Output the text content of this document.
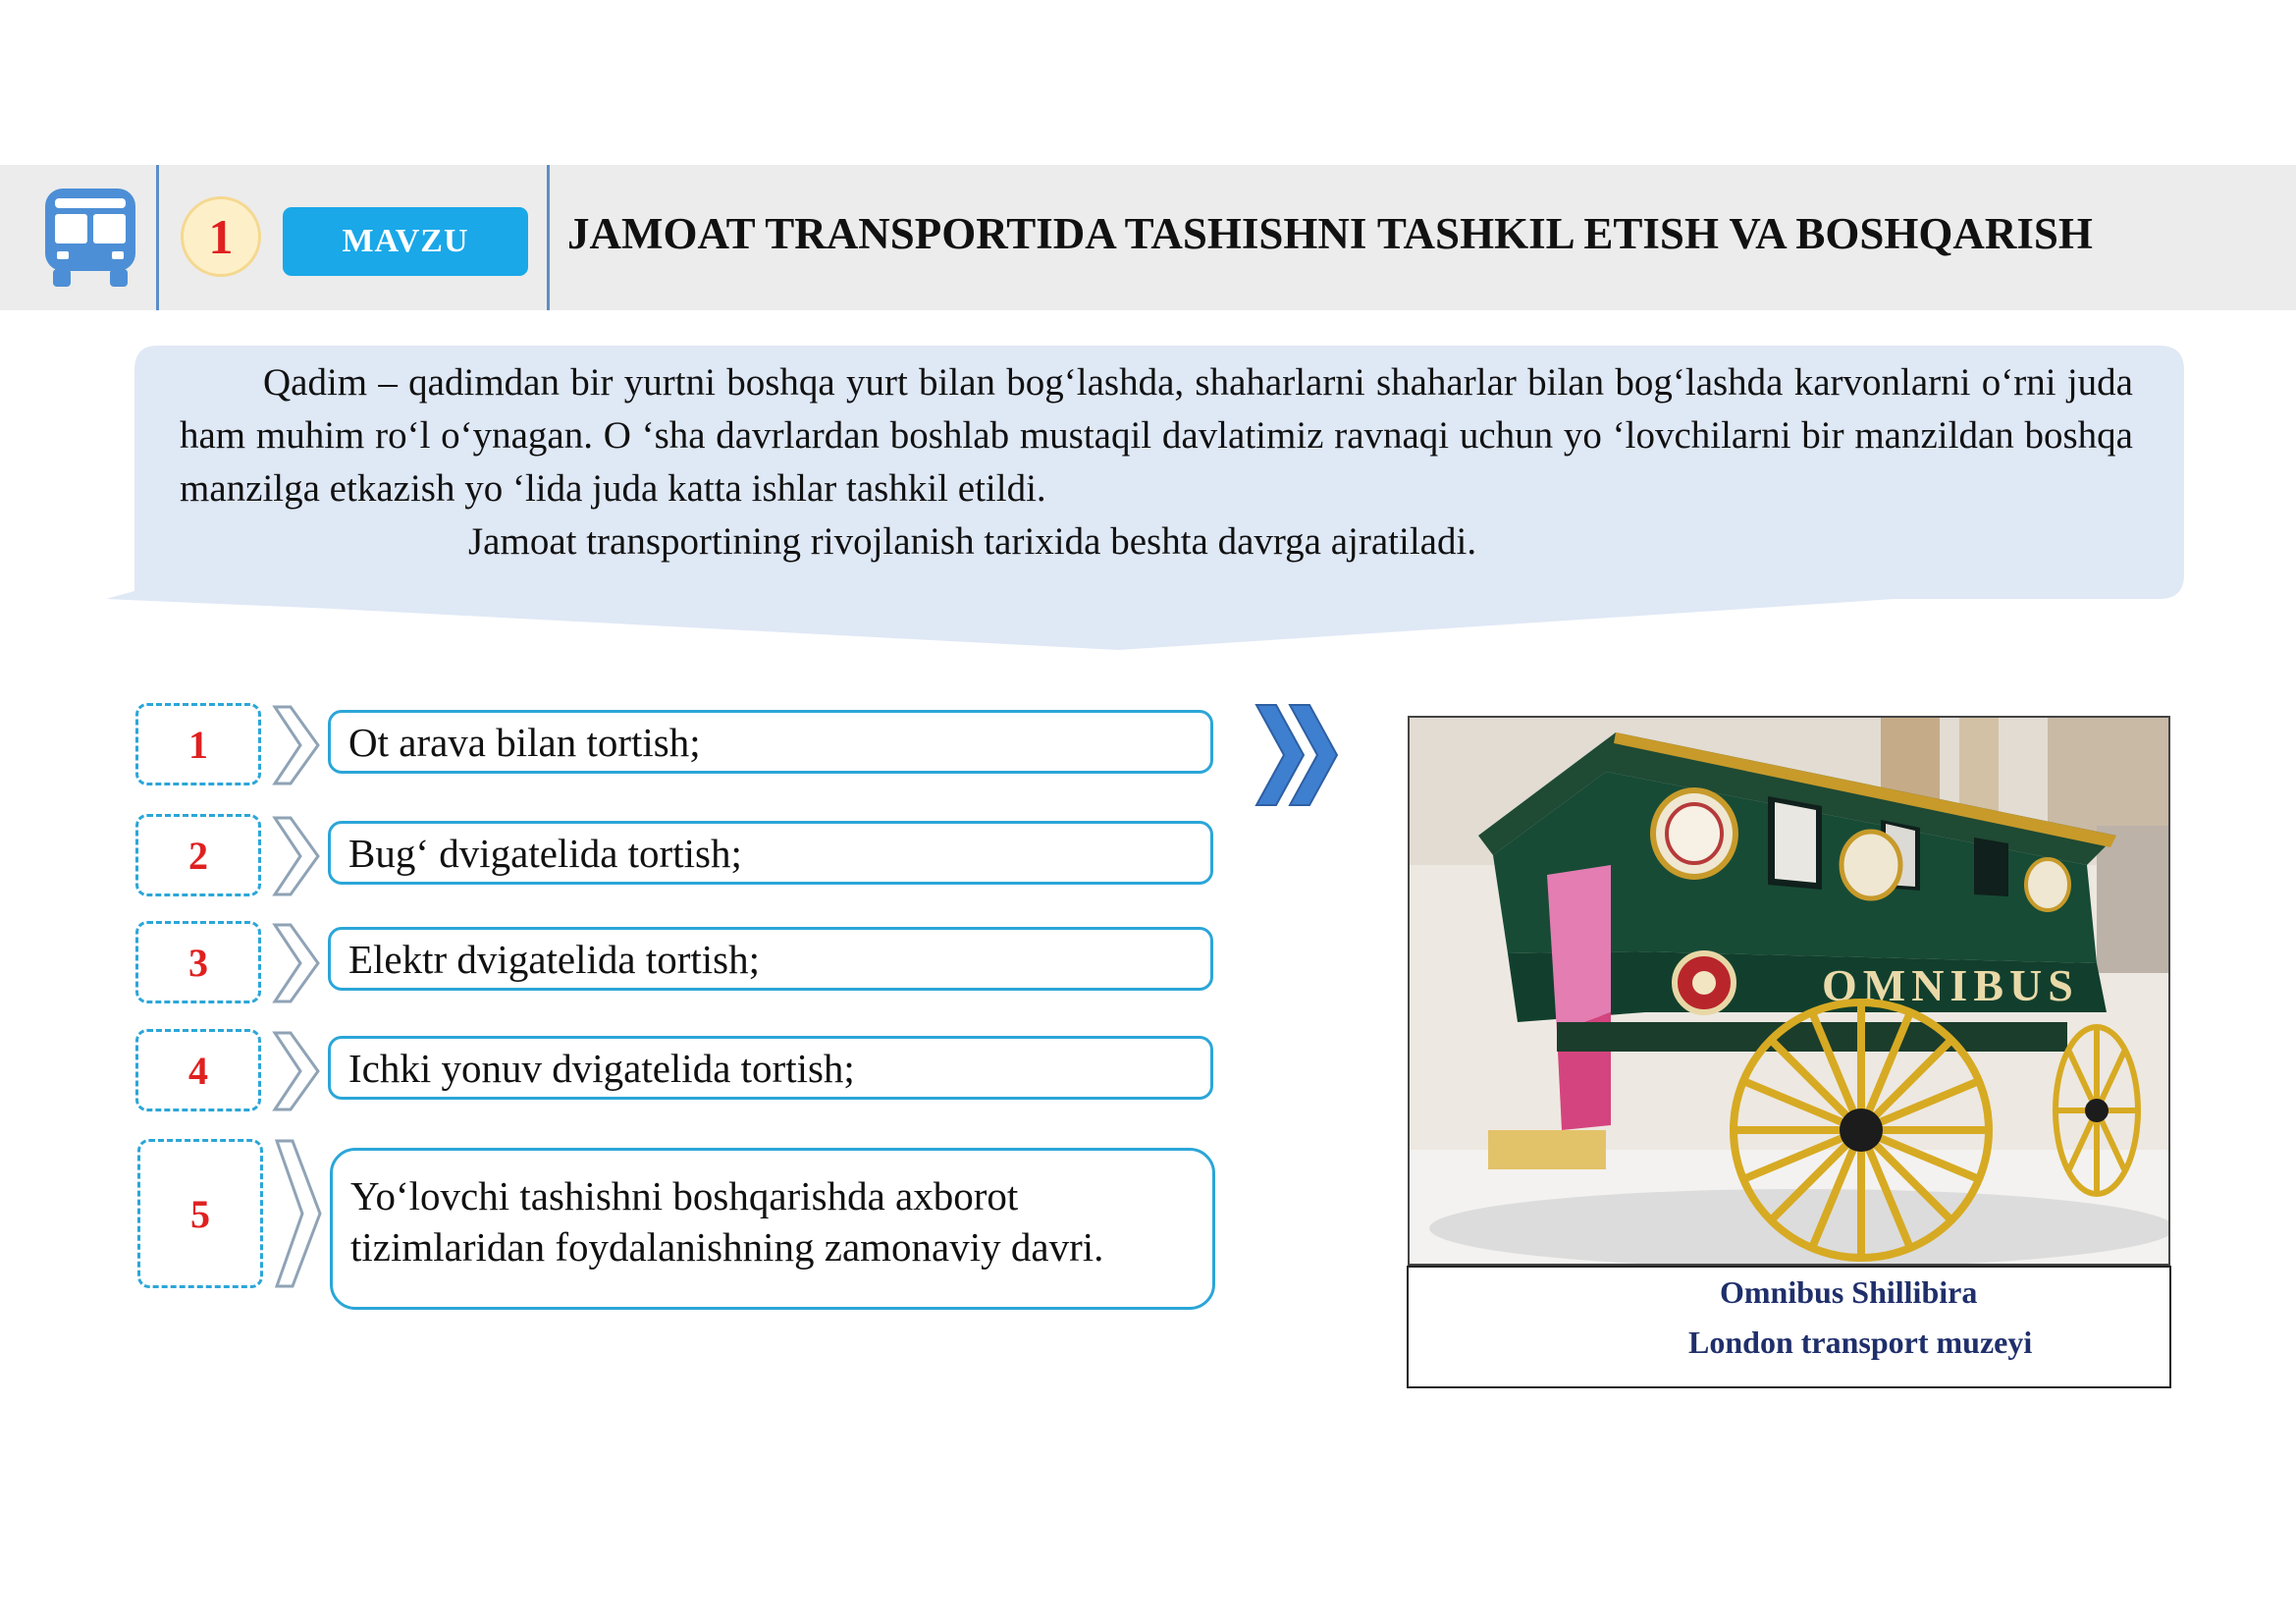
1	MAVZU	JAMOAT TRANSPORTIDA TASHISHNI TASHKIL ETISH VA BOSHQARISH

Qadim – qadimdan bir yurtni boshqa yurt bilan bog‘lashda, shaharlarni shaharlar bilan bog‘lashda karvonlarni o‘rni juda ham muhim ro‘l o‘ynagan. O ‘sha davrlardan boshlab mustaqil davlatimiz ravnaqi uchun yo ‘lovchilarni bir manzildan boshqa manzilga etkazish yo ‘lida juda katta ishlar tashkil etildi.

Jamoat transportining rivojlanish tarixida beshta davrga ajratiladi.

1	Ot arava bilan tortish;
2	Bug‘ dvigatelida tortish;
3	Elektr dvigatelida tortish;
4	Ichki yonuv dvigatelida tortish;
5	Yo‘lovchi tashishni boshqarishda axborot tizimlaridan foydalanishning zamonaviy davri.
OMNIBUS
Omnibus Shillibira
London transport muzeyi
